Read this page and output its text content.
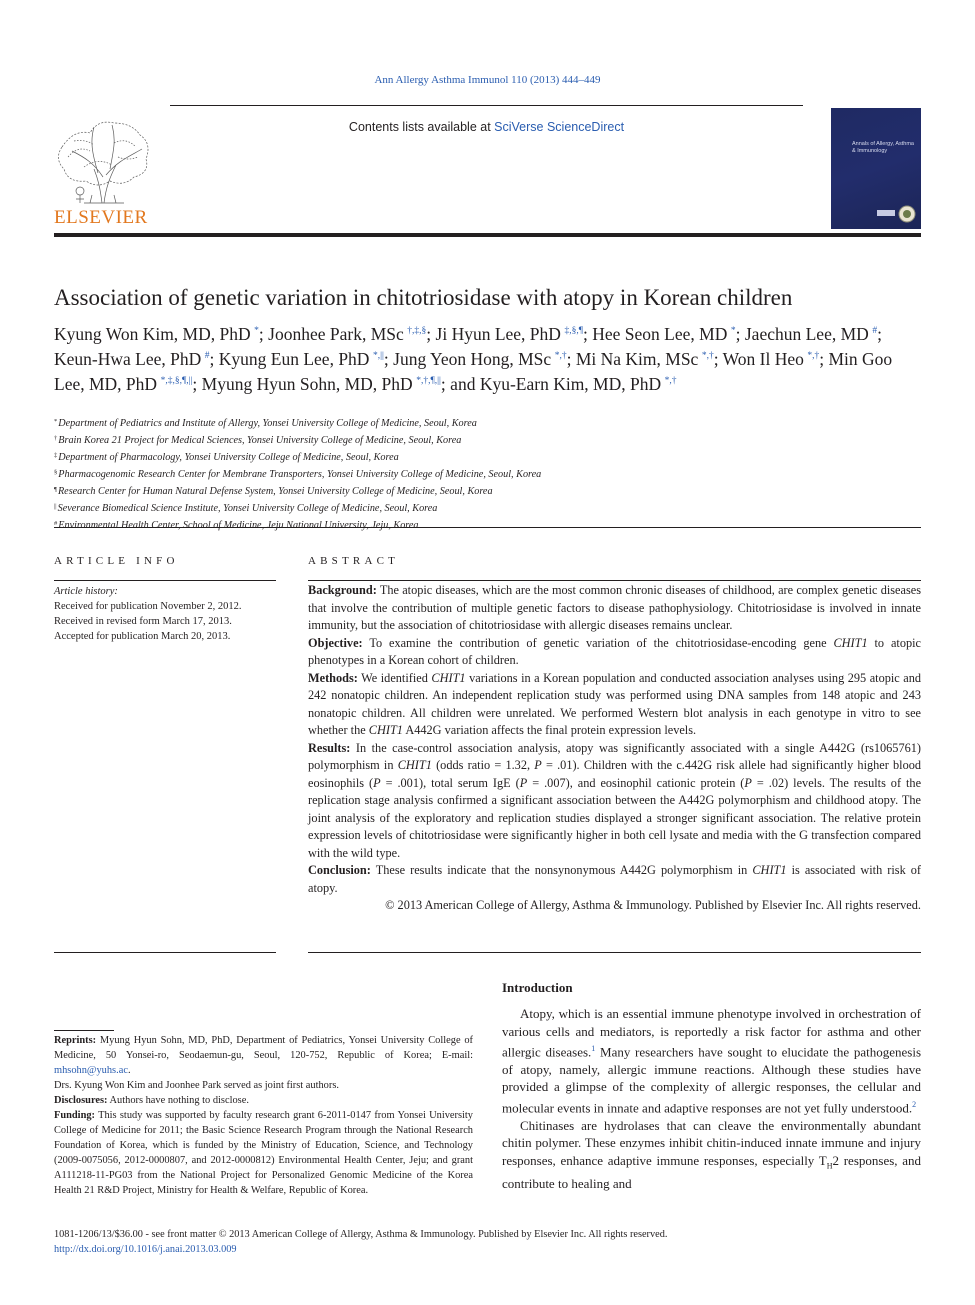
Ann Allergy Asthma Immunol 110 (2013) 444–449
Contents lists available at SciVerse ScienceDirect
ELSEVIER
Annals of Allergy, Asthma & Immunology
Association of genetic variation in chitotriosidase with atopy in Korean children
Kyung Won Kim, MD, PhD  *; Joonhee Park, MSc  †,‡,§; Ji Hyun Lee, PhD  ‡,§,¶; Hee Seon Lee, MD  *; Jaechun Lee, MD  #; Keun-Hwa Lee, PhD  #; Kyung Eun Lee, PhD  *,||; Jung Yeon Hong, MSc  *,†; Mi Na Kim, MSc  *,†; Won Il Heo  *,†; Min Goo Lee, MD, PhD  *,‡,§,¶,||; Myung Hyun Sohn, MD, PhD  *,†,¶,||; and Kyu-Earn Kim, MD, PhD  *,†
*Department of Pediatrics and Institute of Allergy, Yonsei University College of Medicine, Seoul, Korea
†Brain Korea 21 Project for Medical Sciences, Yonsei University College of Medicine, Seoul, Korea
‡Department of Pharmacology, Yonsei University College of Medicine, Seoul, Korea
§Pharmacogenomic Research Center for Membrane Transporters, Yonsei University College of Medicine, Seoul, Korea
¶Research Center for Human Natural Defense System, Yonsei University College of Medicine, Seoul, Korea
||Severance Biomedical Science Institute, Yonsei University College of Medicine, Seoul, Korea
#Environmental Health Center, School of Medicine, Jeju National University, Jeju, Korea
ARTICLE INFO
Article history:
Received for publication November 2, 2012.
Received in revised form March 17, 2013.
Accepted for publication March 20, 2013.
ABSTRACT

Background: The atopic diseases, which are the most common chronic diseases of childhood, are complex genetic diseases that involve the contribution of multiple genetic factors to disease pathophysiology. Chitotriosidase is involved in innate immunity, but the association of chitotriosidase with allergic diseases remains unclear.

Objective: To examine the contribution of genetic variation of the chitotriosidase-encoding gene CHIT1 to atopic phenotypes in a Korean cohort of children.

Methods: We identified CHIT1 variations in a Korean population and conducted association analyses using 295 atopic and 242 nonatopic children. An independent replication study was performed using DNA samples from 148 atopic and 243 nonatopic children. All children were unrelated. We performed Western blot analysis in each genotype in vitro to see whether the CHIT1 A442G variation affects the final protein expression levels.

Results: In the case-control association analysis, atopy was significantly associated with a single A442G (rs1065761) polymorphism in CHIT1 (odds ratio = 1.32, P = .01). Children with the c.442G risk allele had significantly higher blood eosinophils (P = .001), total serum IgE (P = .007), and eosinophil cationic protein (P = .02) levels. The results of the replication stage analysis confirmed a significant association between the A442G polymorphism and childhood atopy. The joint analysis of the exploratory and replication studies displayed a stronger significant association. The relative protein expression levels of chitotriosidase were significantly higher in both cell lysate and media with the G transfection compared with the wild type.

Conclusion: These results indicate that the nonsynonymous A442G polymorphism in CHIT1 is associated with risk of atopy.

© 2013 American College of Allergy, Asthma & Immunology. Published by Elsevier Inc. All rights reserved.

Introduction

Atopy, which is an essential immune phenotype involved in orchestration of various cells and mediators, is reportedly a risk factor for asthma and other allergic diseases.$^1$ Many researchers have sought to elucidate the pathogenesis of atopy, namely, allergic immune reactions. Although these studies have provided a glimpse of the complexity of allergic responses, the cellular and molecular events in innate and adaptive responses are not yet fully understood.$^2$

Chitinases are hydrolases that can cleave the environmentally abundant chitin polymer. These enzymes inhibit chitin-induced innate immune and injury responses, enhance adaptive immune responses, especially $T_H2$ responses, and contribute to healing and

Reprints: Myung Hyun Sohn, MD, PhD, Department of Pediatrics, Yonsei University College of Medicine, 50 Yonsei-ro, Seodaemun-gu, Seoul, 120-752, Republic of Korea; E-mail: mhsohn@yuhs.ac.

Drs. Kyung Won Kim and Joonhee Park served as joint first authors.

Disclosures: Authors have nothing to disclose.

Funding: This study was supported by faculty research grant 6-2011-0147 from Yonsei University College of Medicine for 2011; the Basic Science Research Program through the National Research Foundation of Korea, which is funded by the Ministry of Education, Science, and Technology (2009-0075056, 2012-0000807, and 2012-0000812) Environmental Health Center, Jeju; and grant A111218-11-PG03 from the National Project for Personalized Genomic Medicine of the Korea Health 21 R&D Project, Ministry for Health & Welfare, Republic of Korea.

1081-1206/13/$36.00 - see front matter © 2013 American College of Allergy, Asthma & Immunology. Published by Elsevier Inc. All rights reserved.
http://dx.doi.org/10.1016/j.anai.2013.03.009
